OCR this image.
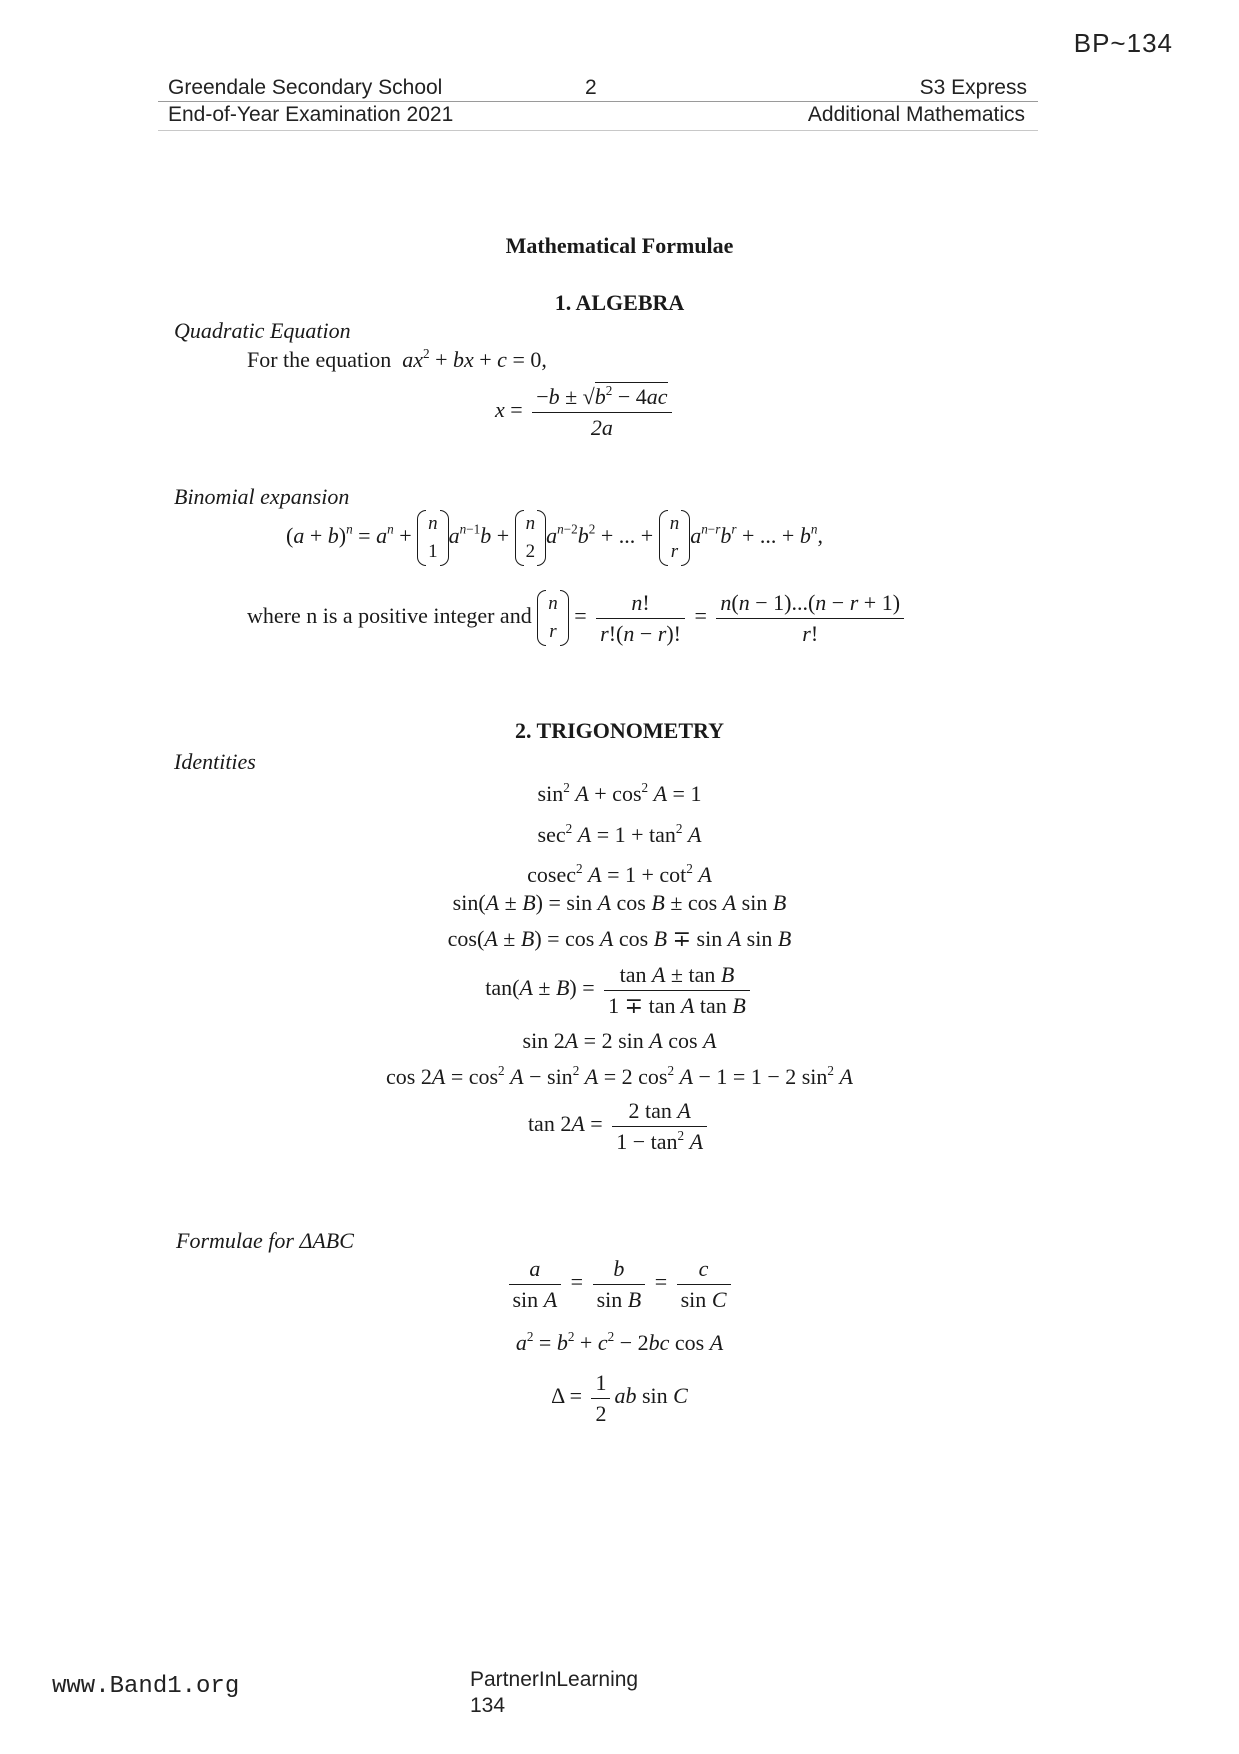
BP~134
Greendale Secondary School	2	S3 Express
End-of-Year Examination 2021	Additional Mathematics
Mathematical Formulae
1. ALGEBRA
Quadratic Equation
For the equation $ax^2$ + bx + c = 0,
$x = \frac{-b \pm √b^2 - 4ac}{2a}$
Binomial expansion
$(a + b)^n = a^n + n$
1
$a^{n-1}b + n$
2
$a^{n-2}b^2$ + ... + n
r
$a^{n-r}b^r$ + ... + $b^n$,
where n is a positive integer and n
r
= $\frac{n!}{r!(n - r)!} = \frac{n(n - 1)...(n - r + 1)}{r!}$
2. TRIGONOMETRY
Identities
$\sin^2 A + \cos^2 A = 1$
$\sec^2 A = 1 + \tan^2 A$
cosec$^2$ $A = 1 + \cot^2 A$
sin(A ± B) = sin A cos B ± cos A sin B
cos(A ± B) = cos A cos B ∓ sin A sin B
$\tan(A \pm B) = \frac{\text{tan A ± tan B}}{\text{1 ∓ tan A tan B}}$
sin 2A = 2 sin A cos A
$\cos 2A = \cos^2 A - \sin^2 A = 2$ $\cos^2 A - 1 = 1 - 2$ $\sin^2 A$
$\tan 2A = \frac{\text{2 tan A}}{1 - \tan^2 A}$
Formulae for ΔABC
$\frac{a}{\text{sin A}} = \frac{b}{\text{sin B}} = \frac{c}{\text{sin C}}$
$a^2 = b^2 + c^2 - 2bc$ cos A
$\Delta = \frac{1}{2}$ ab sin C
www.Band1.org	PartnerInLearning
134
